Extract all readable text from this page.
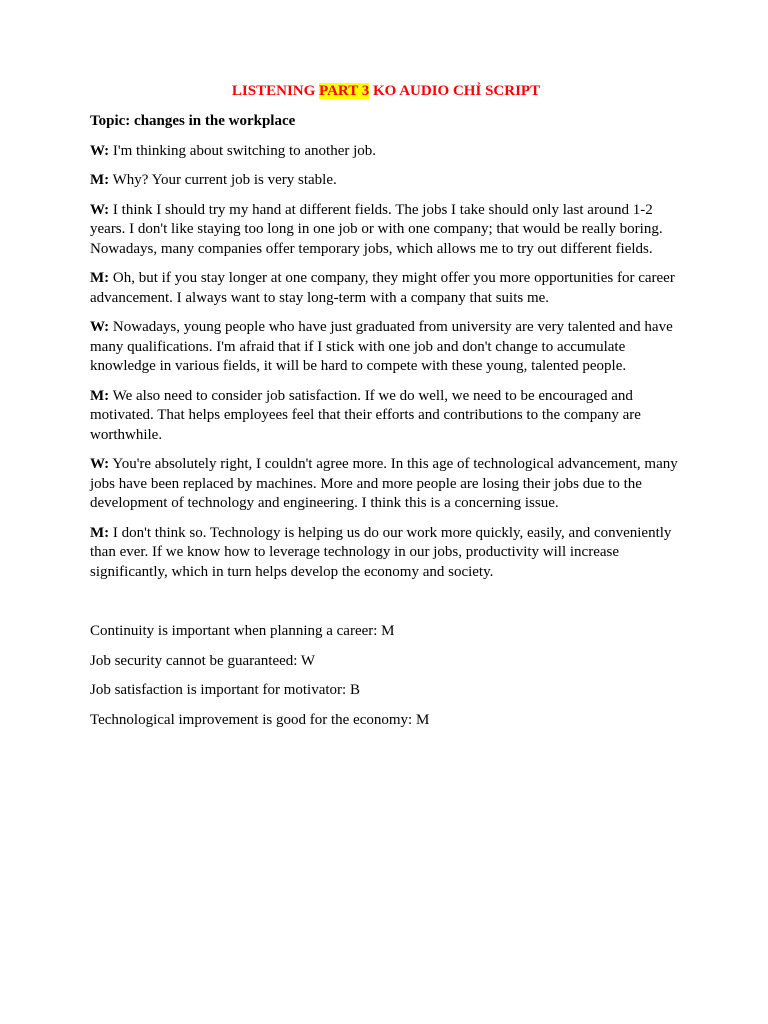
LISTENING PART 3 KO AUDIO CHỈ SCRIPT
Topic: changes in the workplace
W: I'm thinking about switching to another job.
M: Why? Your current job is very stable.
W: I think I should try my hand at different fields. The jobs I take should only last around 1-2 years. I don't like staying too long in one job or with one company; that would be really boring. Nowadays, many companies offer temporary jobs, which allows me to try out different fields.
M: Oh, but if you stay longer at one company, they might offer you more opportunities for career advancement. I always want to stay long-term with a company that suits me.
W: Nowadays, young people who have just graduated from university are very talented and have many qualifications. I'm afraid that if I stick with one job and don't change to accumulate knowledge in various fields, it will be hard to compete with these young, talented people.
M: We also need to consider job satisfaction. If we do well, we need to be encouraged and motivated. That helps employees feel that their efforts and contributions to the company are worthwhile.
W: You're absolutely right, I couldn't agree more. In this age of technological advancement, many jobs have been replaced by machines. More and more people are losing their jobs due to the development of technology and engineering. I think this is a concerning issue.
M: I don't think so. Technology is helping us do our work more quickly, easily, and conveniently than ever. If we know how to leverage technology in our jobs, productivity will increase significantly, which in turn helps develop the economy and society.
Continuity is important when planning a career: M
Job security cannot be guaranteed: W
Job satisfaction is important for motivator: B
Technological improvement is good for the economy: M
